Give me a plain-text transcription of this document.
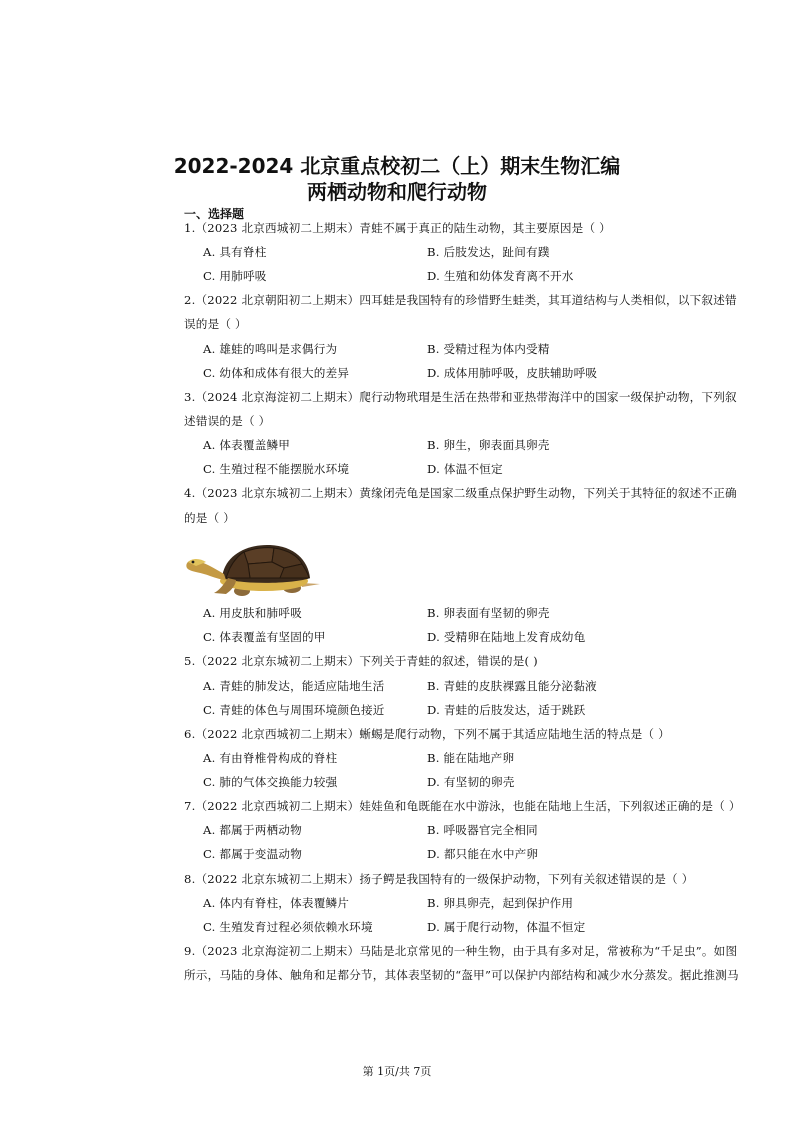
2022-2024 北京重点校初二（上）期末生物汇编
两栖动物和爬行动物
一、选择题
1.（2023 北京西城初二上期末）青蛙不属于真正的陆生动物，其主要原因是（ ）
A. 具有脊柱	B. 后肢发达，趾间有蹼
C. 用肺呼吸	D. 生殖和幼体发育离不开水
2.（2022 北京朝阳初二上期末）四耳蛙是我国特有的珍惜野生蛙类，其耳道结构与人类相似，以下叙述错
误的是（ ）
A. 雄蛙的鸣叫是求偶行为	B. 受精过程为体内受精
C. 幼体和成体有很大的差异	D. 成体用肺呼吸，皮肤辅助呼吸
3.（2024 北京海淀初二上期末）爬行动物玳瑁是生活在热带和亚热带海洋中的国家一级保护动物，下列叙
述错误的是（ ）
A. 体表覆盖鳞甲	B. 卵生，卵表面具卵壳
C. 生殖过程不能摆脱水环境	D. 体温不恒定
4.（2023 北京东城初二上期末）黄缘闭壳龟是国家二级重点保护野生动物，下列关于其特征的叙述不正确
的是（ ）
A. 用皮肤和肺呼吸	B. 卵表面有坚韧的卵壳
C. 体表覆盖有坚固的甲	D. 受精卵在陆地上发育成幼龟
5.（2022 北京东城初二上期末）下列关于青蛙的叙述，错误的是( )
A. 青蛙的肺发达，能适应陆地生活	B. 青蛙的皮肤裸露且能分泌黏液
C. 青蛙的体色与周围环境颜色接近	D. 青蛙的后肢发达，适于跳跃
6.（2022 北京西城初二上期末）蜥蜴是爬行动物，下列不属于其适应陆地生活的特点是（ ）
A. 有由脊椎骨构成的脊柱	B. 能在陆地产卵
C. 肺的气体交换能力较强	D. 有坚韧的卵壳
7.（2022 北京西城初二上期末）娃娃鱼和龟既能在水中游泳，也能在陆地上生活，下列叙述正确的是（ ）
A. 都属于两栖动物	B. 呼吸器官完全相同
C. 都属于变温动物	D. 都只能在水中产卵
8.（2022 北京东城初二上期末）扬子鳄是我国特有的一级保护动物，下列有关叙述错误的是（ ）
A. 体内有脊柱，体表覆鳞片	B. 卵具卵壳，起到保护作用
C. 生殖发育过程必须依赖水环境	D. 属于爬行动物，体温不恒定
9.（2023 北京海淀初二上期末）马陆是北京常见的一种生物，由于具有多对足，常被称为“千足虫”。如图
所示，马陆的身体、触角和足都分节，其体表坚韧的“盔甲”可以保护内部结构和减少水分蒸发。据此推测马
第 1页/共 7页
